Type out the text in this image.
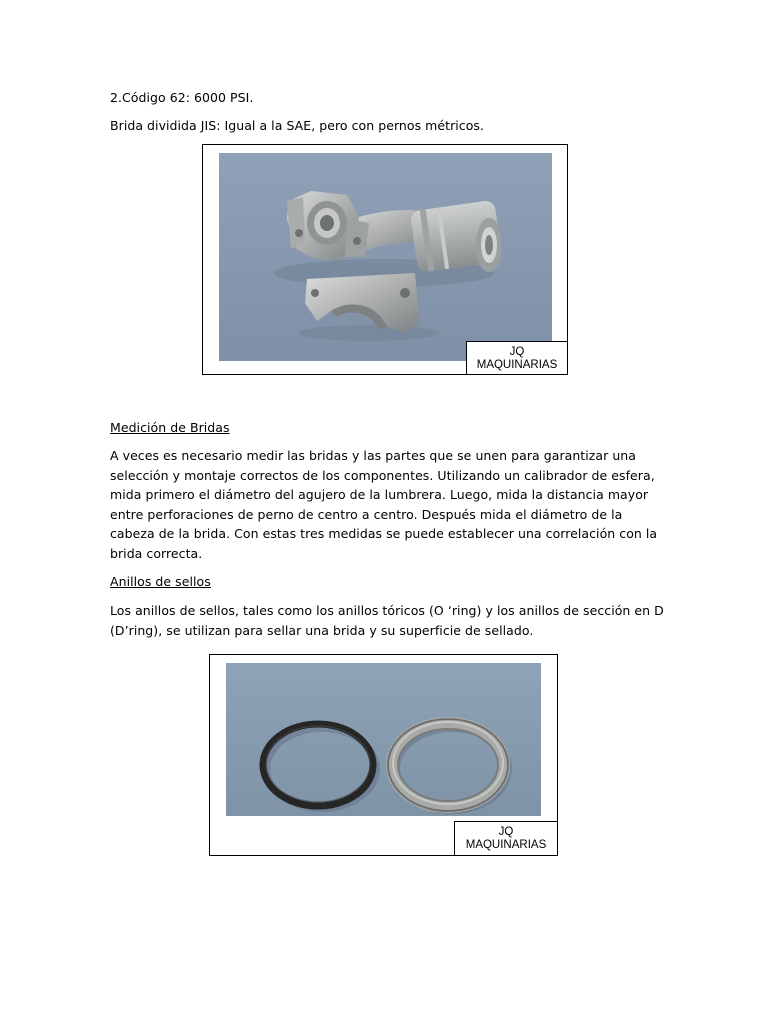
2.Código 62: 6000 PSI.
Brida dividida JIS: Igual a la SAE, pero con pernos métricos.
JQ
MAQUINARIAS
Medición de Bridas
A veces es necesario medir las bridas y las partes que se unen para garantizar una selección y montaje correctos de los componentes. Utilizando un calibrador de esfera, mida primero el diámetro del agujero de la lumbrera. Luego, mida la distancia mayor entre perforaciones de perno de centro a centro. Después mida el diámetro de la cabeza de la brida. Con estas tres medidas se puede establecer una correlación con la brida correcta.
Anillos de sellos
Los anillos de sellos, tales como los anillos tóricos (O ‘ring) y los anillos de sección en D (D’ring), se utilizan para sellar una brida y su superficie de sellado.
JQ
MAQUINARIAS
